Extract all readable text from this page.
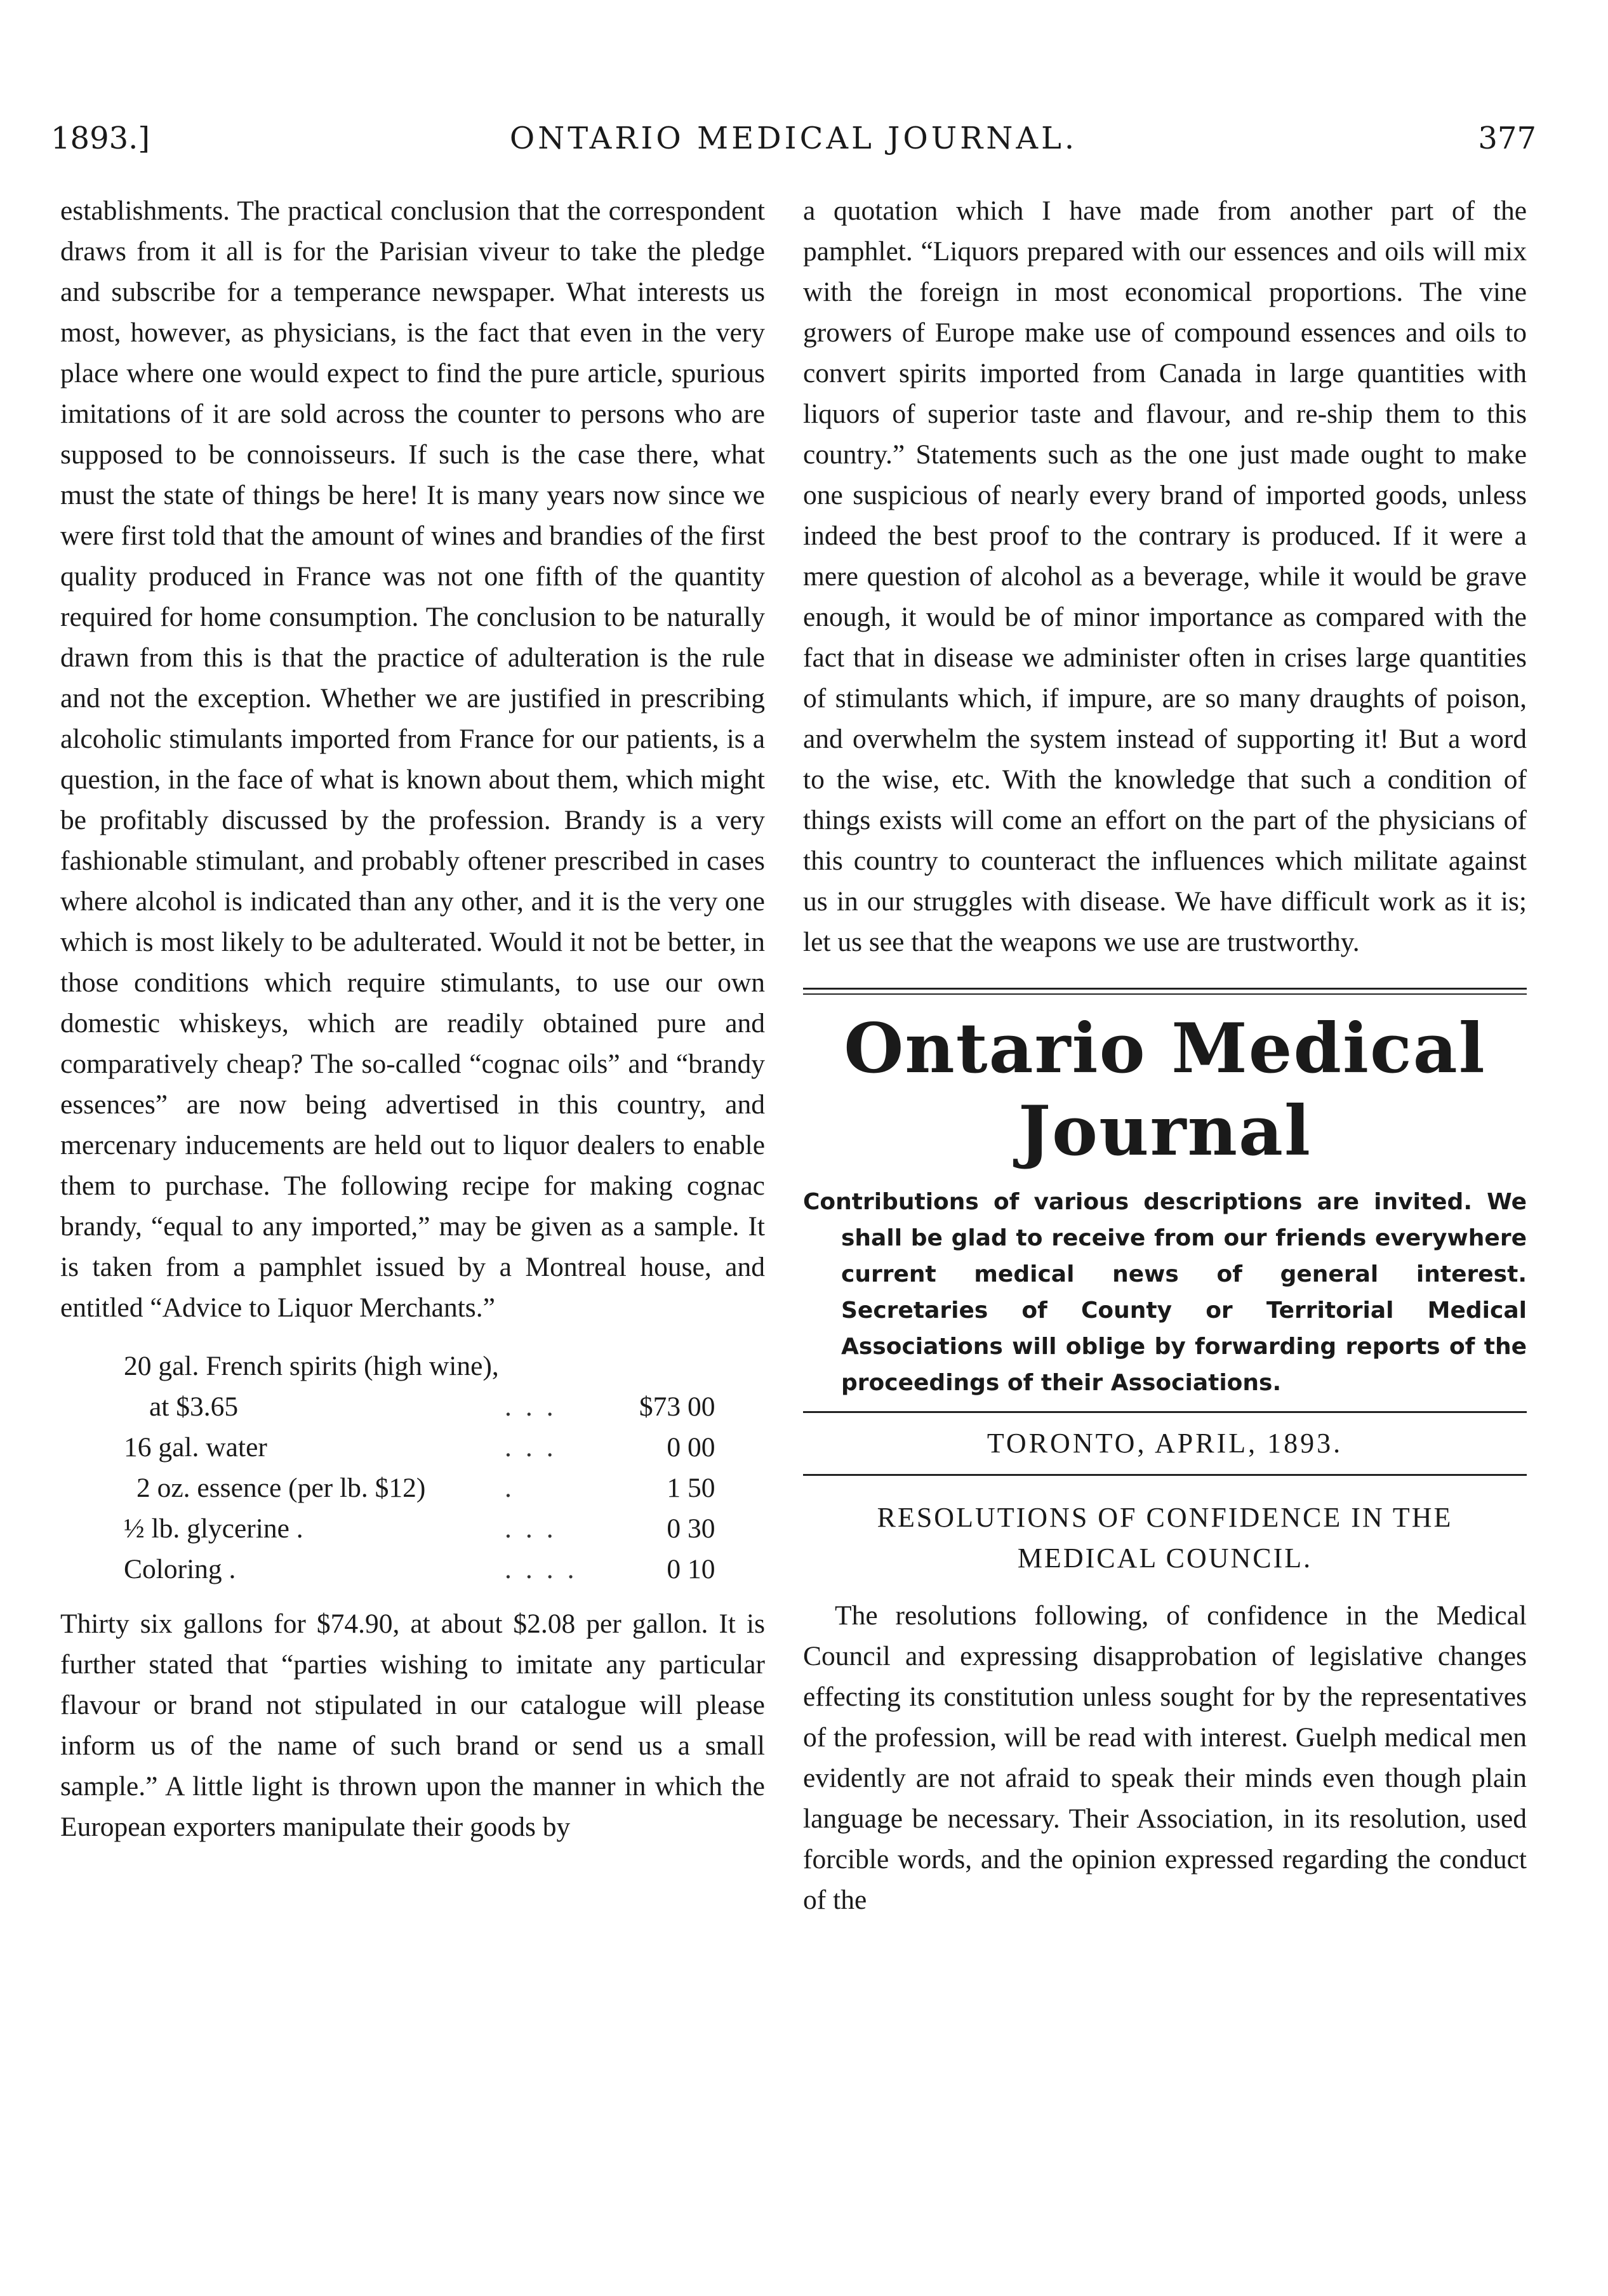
1893.]	ONTARIO MEDICAL JOURNAL.	377

establishments. The practical conclusion that the correspondent draws from it all is for the Parisian viveur to take the pledge and subscribe for a temperance newspaper. What interests us most, however, as physicians, is the fact that even in the very place where one would expect to find the pure article, spurious imitations of it are sold across the counter to persons who are supposed to be connoisseurs. If such is the case there, what must the state of things be here! It is many years now since we were first told that the amount of wines and brandies of the first quality produced in France was not one fifth of the quantity required for home consumption. The conclusion to be naturally drawn from this is that the practice of adulteration is the rule and not the exception. Whether we are justified in prescribing alcoholic stimulants imported from France for our patients, is a question, in the face of what is known about them, which might be profitably discussed by the profession. Brandy is a very fashionable stimulant, and probably oftener prescribed in cases where alcohol is indicated than any other, and it is the very one which is most likely to be adulterated. Would it not be better, in those conditions which require stimulants, to use our own domestic whiskeys, which are readily obtained pure and comparatively cheap? The so-called “cognac oils” and “brandy essences” are now being advertised in this country, and mercenary inducements are held out to liquor dealers to enable them to purchase. The following recipe for making cognac brandy, “equal to any imported,” may be given as a sample. It is taken from a pamphlet issued by a Montreal house, and entitled “Advice to Liquor Merchants.”

20 gal. French spirits (high wine),
at $3.65	...	$73 00
16 gal. water	...	0 00
2 oz. essence (per lb. $12)	.	1 50
½ lb. glycerine .	...	0 30
Coloring .	....	0 10

Thirty six gallons for $74.90, at about $2.08 per gallon. It is further stated that “parties wishing to imitate any particular flavour or brand not stipulated in our catalogue will please inform us of the name of such brand or send us a small sample.” A little light is thrown upon the manner in which the European exporters manipulate their goods by

a quotation which I have made from another part of the pamphlet. “Liquors prepared with our essences and oils will mix with the foreign in most economical proportions. The vine growers of Europe make use of compound essences and oils to convert spirits imported from Canada in large quantities with liquors of superior taste and flavour, and re-ship them to this country.” Statements such as the one just made ought to make one suspicious of nearly every brand of imported goods, unless indeed the best proof to the contrary is produced. If it were a mere question of alcohol as a beverage, while it would be grave enough, it would be of minor importance as compared with the fact that in disease we administer often in crises large quantities of stimulants which, if impure, are so many draughts of poison, and overwhelm the system instead of supporting it! But a word to the wise, etc. With the knowledge that such a condition of things exists will come an effort on the part of the physicians of this country to counteract the influences which militate against us in our struggles with disease. We have difficult work as it is; let us see that the weapons we use are trustworthy.

Ontario Medical Journal
Contributions of various descriptions are invited. We shall be glad to receive from our friends everywhere current medical news of general interest. Secretaries of County or Territorial Medical Associations will oblige by forwarding reports of the proceedings of their Associations.
TORONTO, APRIL, 1893.
RESOLUTIONS OF CONFIDENCE IN THE MEDICAL COUNCIL.

The resolutions following, of confidence in the Medical Council and expressing disapprobation of legislative changes effecting its constitution unless sought for by the representatives of the profession, will be read with interest. Guelph medical men evidently are not afraid to speak their minds even though plain language be necessary. Their Association, in its resolution, used forcible words, and the opinion expressed regarding the conduct of the
